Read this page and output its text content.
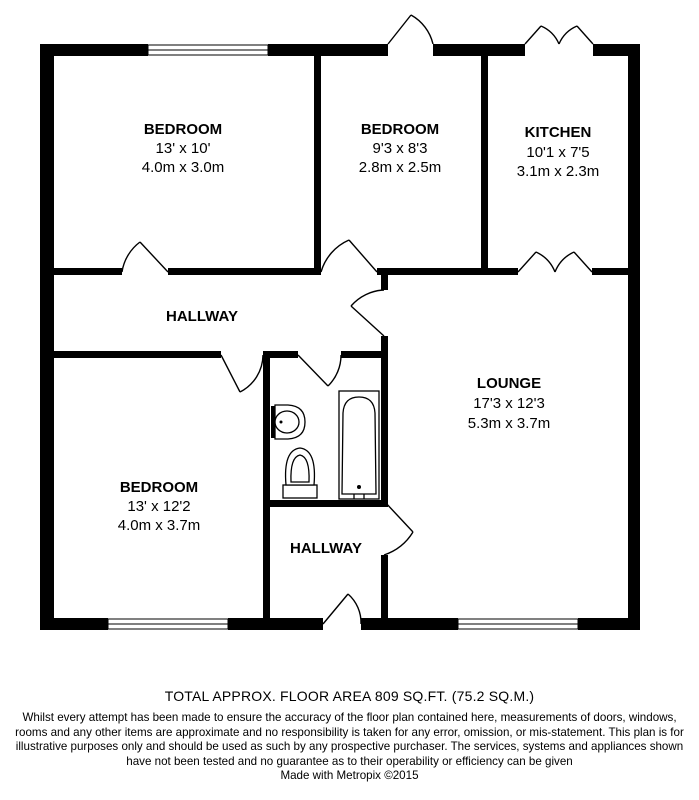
BEDROOM
13' x 10'
4.0m x 3.0m
BEDROOM
9'3 x 8'3
2.8m x 2.5m
KITCHEN
10'1 x 7'5
3.1m x 2.3m
HALLWAY
LOUNGE
17'3 x 12'3
5.3m x 3.7m
BEDROOM
13' x 12'2
4.0m x 3.7m
HALLWAY
TOTAL APPROX. FLOOR AREA 809 SQ.FT. (75.2 SQ.M.)
Whilst every attempt has been made to ensure the accuracy of the floor plan contained here, measurements of doors, windows, rooms and any other items are approximate and no responsibility is taken for any error, omission, or mis-statement. This plan is for illustrative purposes only and should be used as such by any prospective purchaser. The services, systems and appliances shown have not been tested and no guarantee as to their operability or efficiency can be given
Made with Metropix ©2015
